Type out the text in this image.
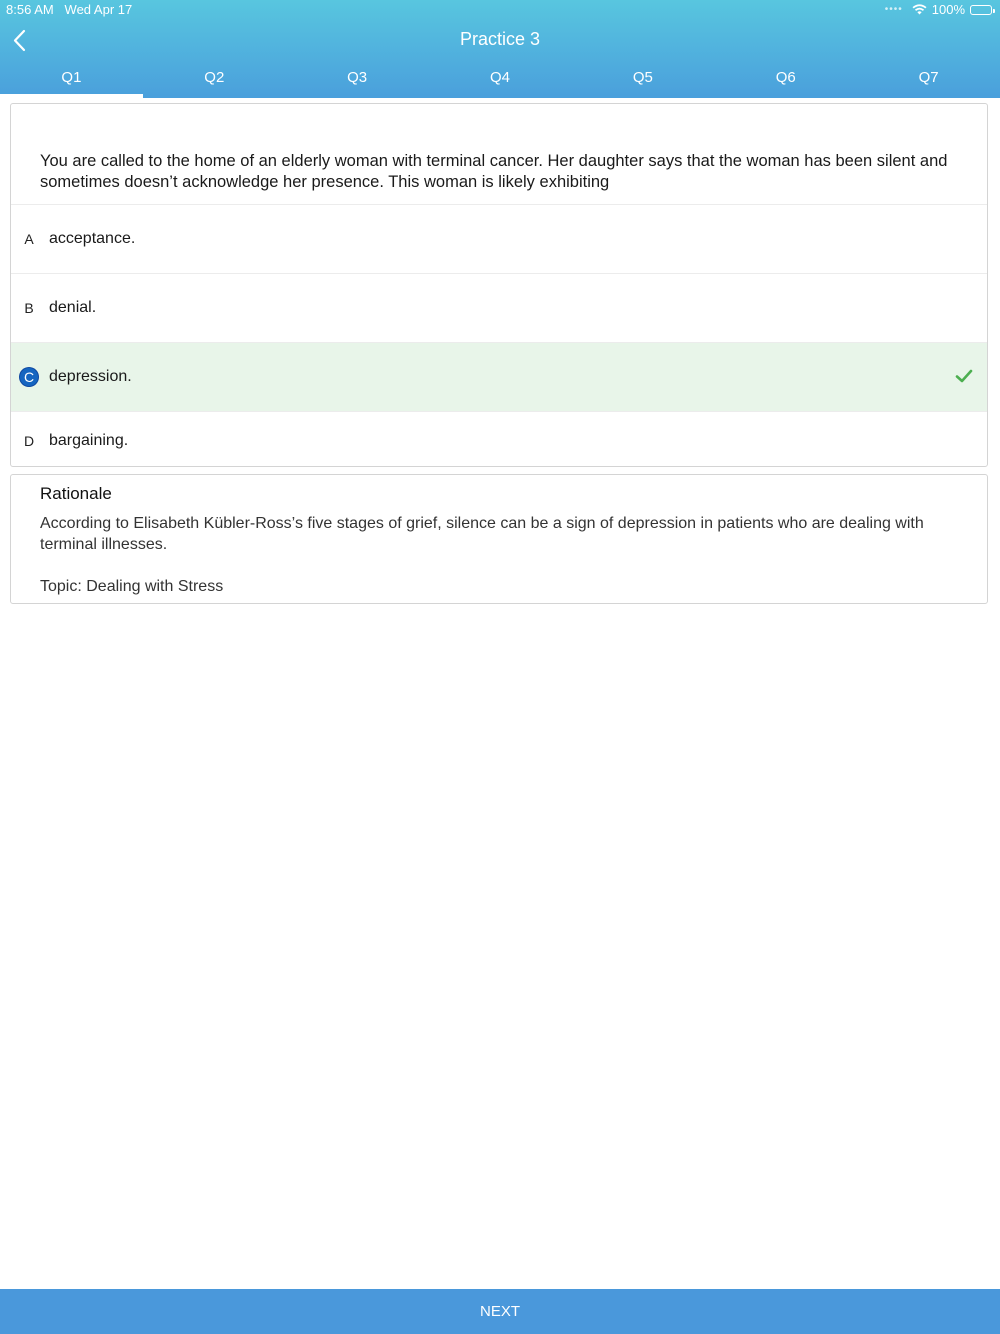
8:56 AM Wed Apr 17	•••• 100%
Practice 3
Q1	Q2	Q3	Q4	Q5	Q6	Q7
You are called to the home of an elderly woman with terminal cancer. Her daughter says that the woman has been silent and sometimes doesn’t acknowledge her presence. This woman is likely exhibiting
A acceptance.
B denial.
C depression.
D bargaining.
Rationale
According to Elisabeth Kübler-Ross’s five stages of grief, silence can be a sign of depression in patients who are dealing with terminal illnesses.
Topic: Dealing with Stress
NEXT
